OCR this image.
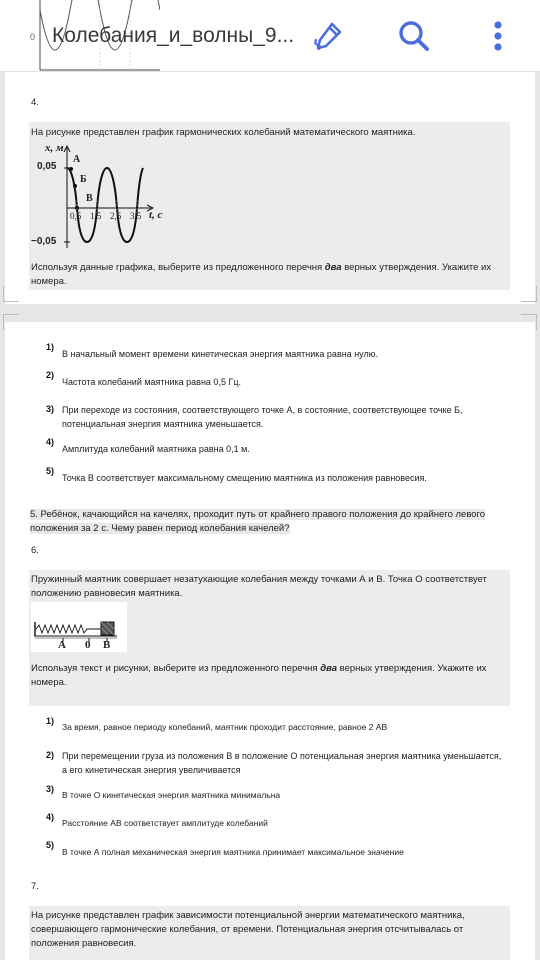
0 Колебания_и_волны_9...
4.
На рисунке представлен график гармонических колебаний математического маятника.
x, м
0,05
−0,05
А
Б
В
0,5 1,5 2,5 3,5 t, с
Используя данные графика, выберите из предложенного перечня два верных утверждения. Укажите их номера.
1)
В начальный момент времени кинетическая энергия маятника равна нулю.
2)
Частота колебаний маятника равна 0,5 Гц.
3) При переходе из состояния, соответствующего точке А, в состояние, соответствующее точке Б, потенциальная энергия маятника уменьшается.
4)
Амплитуда колебаний маятника равна 0,1 м.
5)
Точка В соответствует максимальному смещению маятника из положения равновесия.
5. Ребёнок, качающийся на качелях, проходит путь от крайнего правого положения до крайнего левого положения за 2 с. Чему равен период колебания качелей?
6.
Пружинный маятник совершает незатухающие колебания между точками А и В. Точка О соответствует положению равновесия маятника.
А 0 В
Используя текст и рисунки, выберите из предложенного перечня два верных утверждения. Укажите их номера.
1)
За время, равное периоду колебаний, маятник проходит расстояние, равное 2 АВ
2) При перемещении груза из положения В в положение О потенциальная энергия маятника уменьшается, а его кинетическая энергия увеличивается
3)
В точке О кинетическая энергия маятника минимальна
4)
Расстояние АВ соответствует амплитуде колебаний
5)
В точке А полная механическая энергия маятника принимает максимальное значение
7.
На рисунке представлен график зависимости потенциальной энергии математического маятника, совершающего гармонические колебания, от времени. Потенциальная энергия отсчитывалась от положения равновесия.
